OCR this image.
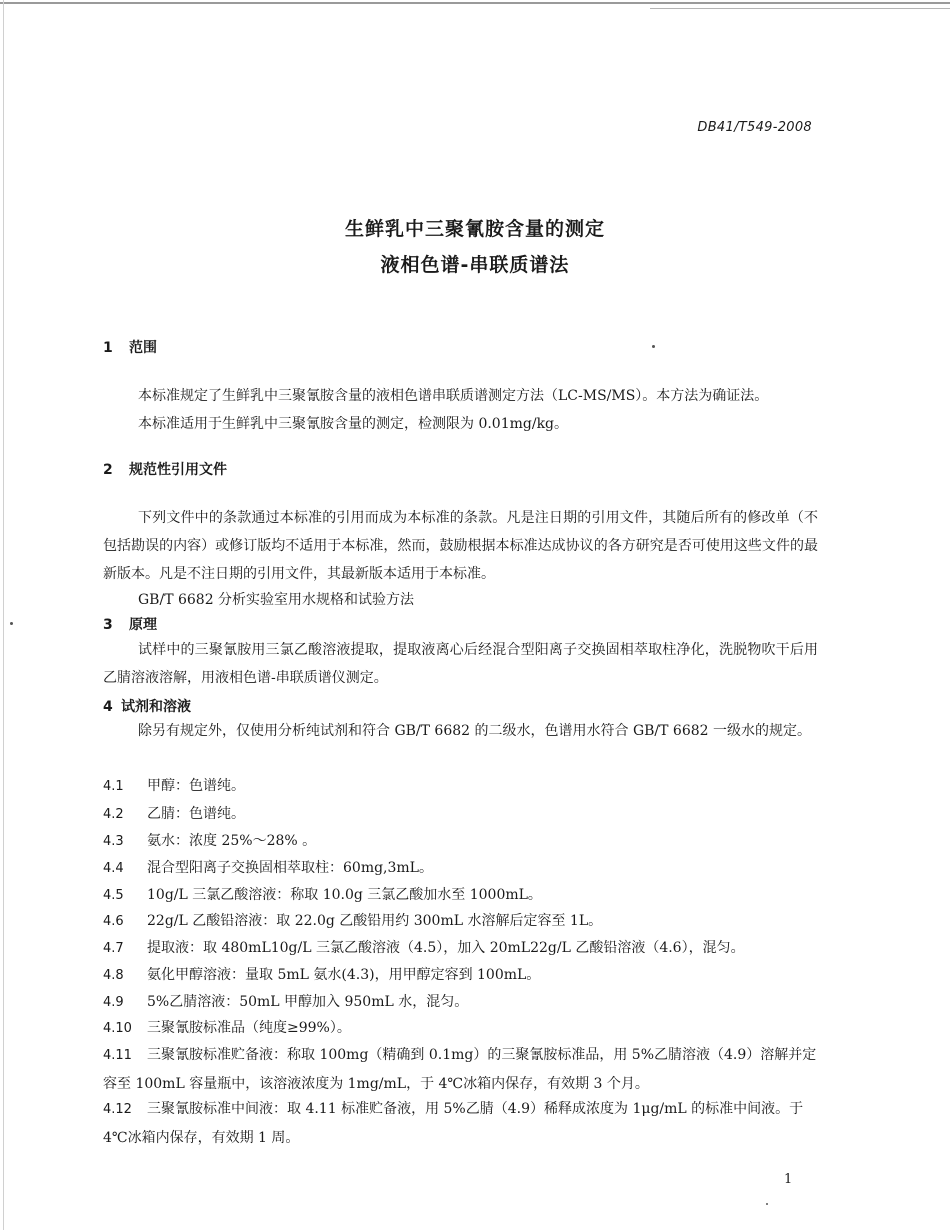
DB41/T549-2008
生鲜乳中三聚氰胺含量的测定
液相色谱-串联质谱法
1 范围
本标准规定了生鲜乳中三聚氰胺含量的液相色谱串联质谱测定方法（LC-MS/MS）。本方法为确证法。
本标准适用于生鲜乳中三聚氰胺含量的测定，检测限为 0.01mg/kg。
2 规范性引用文件

下列文件中的条款通过本标准的引用而成为本标准的条款。凡是注日期的引用文件，其随后所有的修改单（不包括勘误的内容）或修订版均不适用于本标准，然而，鼓励根据本标准达成协议的各方研究是否可使用这些文件的最新版本。凡是不注日期的引用文件，其最新版本适用于本标准。

GB/T 6682 分析实验室用水规格和试验方法
3 原理

试样中的三聚氰胺用三氯乙酸溶液提取，提取液离心后经混合型阳离子交换固相萃取柱净化，洗脱物吹干后用乙腈溶液溶解，用液相色谱-串联质谱仪测定。

4 试剂和溶液

除另有规定外，仅使用分析纯试剂和符合 GB/T 6682 的二级水，色谱用水符合 GB/T 6682 一级水的规定。

4.1 甲醇：色谱纯。

4.2 乙腈：色谱纯。

4.3 氨水：浓度 25%～28% 。

4.4 混合型阳离子交换固相萃取柱：60mg,3mL。

4.5 10g/L 三氯乙酸溶液：称取 10.0g 三氯乙酸加水至 1000mL。

4.6 22g/L 乙酸铅溶液：取 22.0g 乙酸铅用约 300mL 水溶解后定容至 1L。

4.7 提取液：取 480mL10g/L 三氯乙酸溶液（4.5），加入 20mL22g/L 乙酸铅溶液（4.6），混匀。

4.8 氨化甲醇溶液：量取 5mL 氨水(4.3)，用甲醇定容到 100mL。

4.9 5%乙腈溶液：50mL 甲醇加入 950mL 水，混匀。

4.10 三聚氰胺标准品（纯度≥99%）。

4.11 三聚氰胺标准贮备液：称取 100mg（精确到 0.1mg）的三聚氰胺标准品，用 5%乙腈溶液（4.9）溶解并定容至 100mL 容量瓶中，该溶液浓度为 1mg/mL，于 4℃冰箱内保存，有效期 3 个月。

4.12 三聚氰胺标准中间液：取 4.11 标准贮备液，用 5%乙腈（4.9）稀释成浓度为 1μg/mL 的标准中间液。于 4℃冰箱内保存，有效期 1 周。

1
